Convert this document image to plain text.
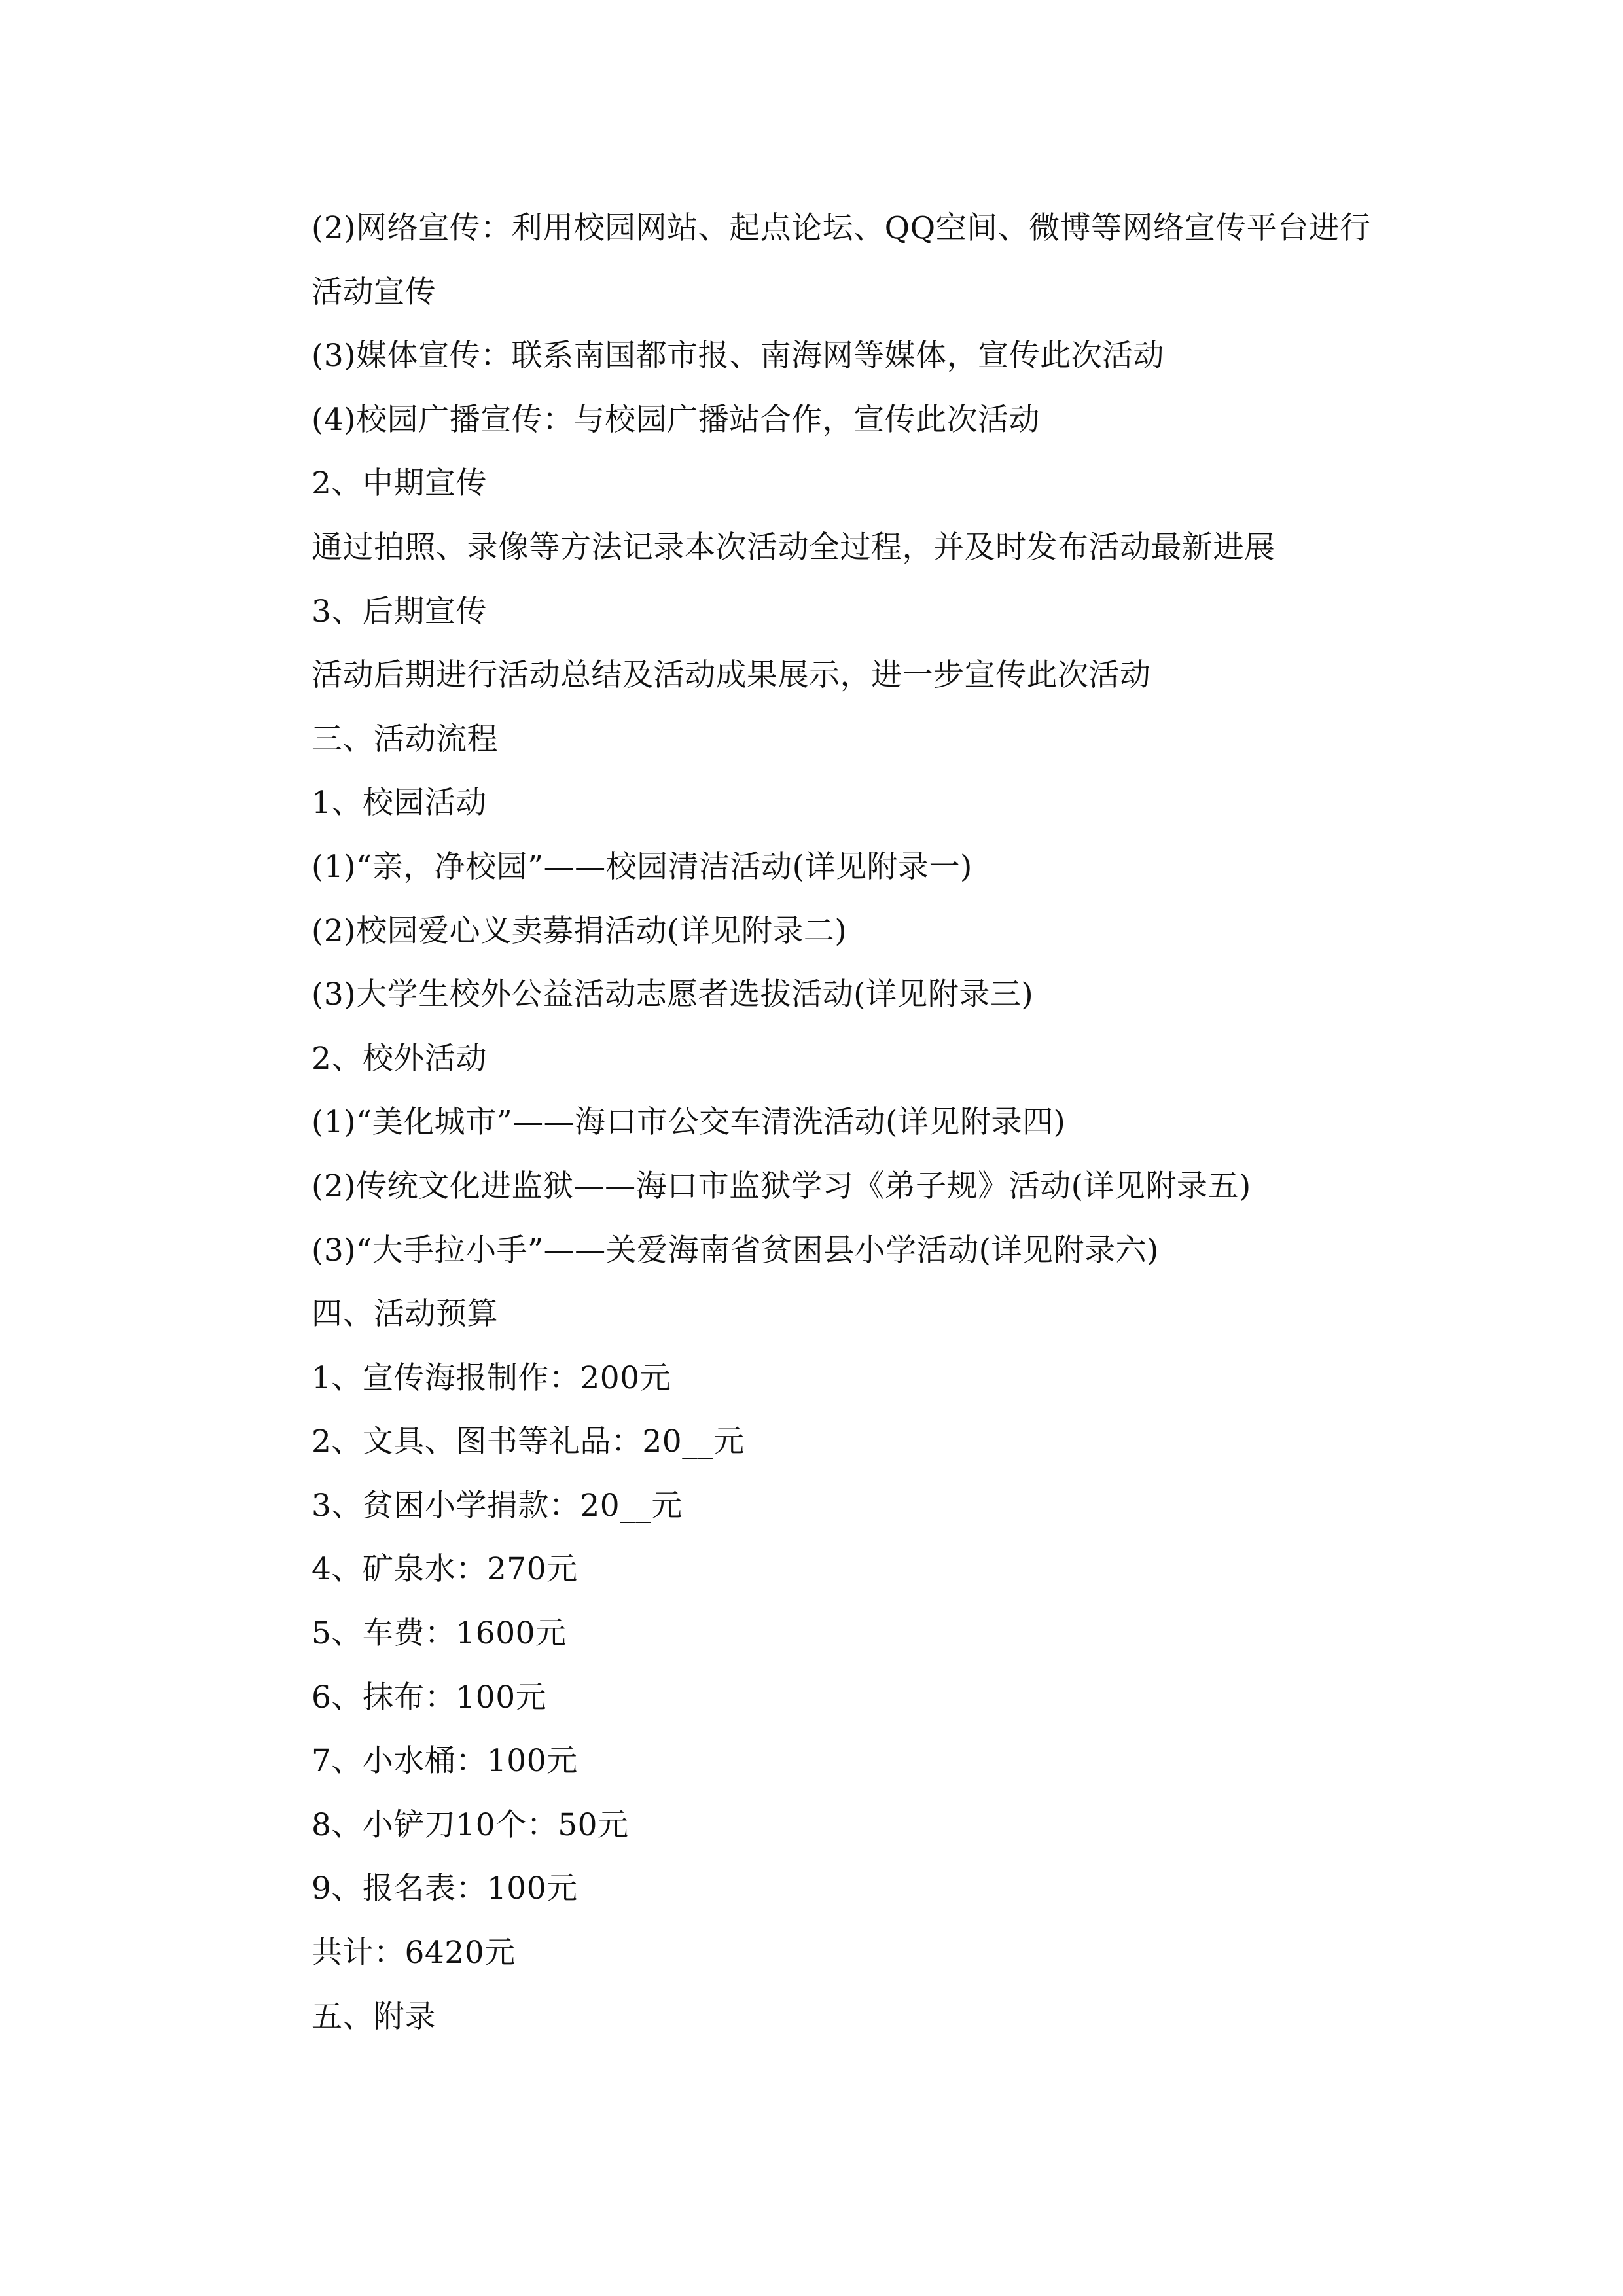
(2)网络宣传：利用校园网站、起点论坛、QQ空间、微博等网络宣传平台进行活动宣传
(3)媒体宣传：联系南国都市报、南海网等媒体，宣传此次活动
(4)校园广播宣传：与校园广播站合作，宣传此次活动
2、中期宣传
通过拍照、录像等方法记录本次活动全过程，并及时发布活动最新进展
3、后期宣传
活动后期进行活动总结及活动成果展示，进一步宣传此次活动
三、活动流程
1、校园活动
(1)“亲，净校园”——校园清洁活动(详见附录一)
(2)校园爱心义卖募捐活动(详见附录二)
(3)大学生校外公益活动志愿者选拔活动(详见附录三)
2、校外活动
(1)“美化城市”——海口市公交车清洗活动(详见附录四)
(2)传统文化进监狱——海口市监狱学习《弟子规》活动(详见附录五)
(3)“大手拉小手”——关爱海南省贫困县小学活动(详见附录六)
四、活动预算
1、宣传海报制作：200元
2、文具、图书等礼品：20__元
3、贫困小学捐款：20__元
4、矿泉水：270元
5、车费：1600元
6、抹布：100元
7、小水桶：100元
8、小铲刀10个：50元
9、报名表：100元
共计：6420元
五、附录
